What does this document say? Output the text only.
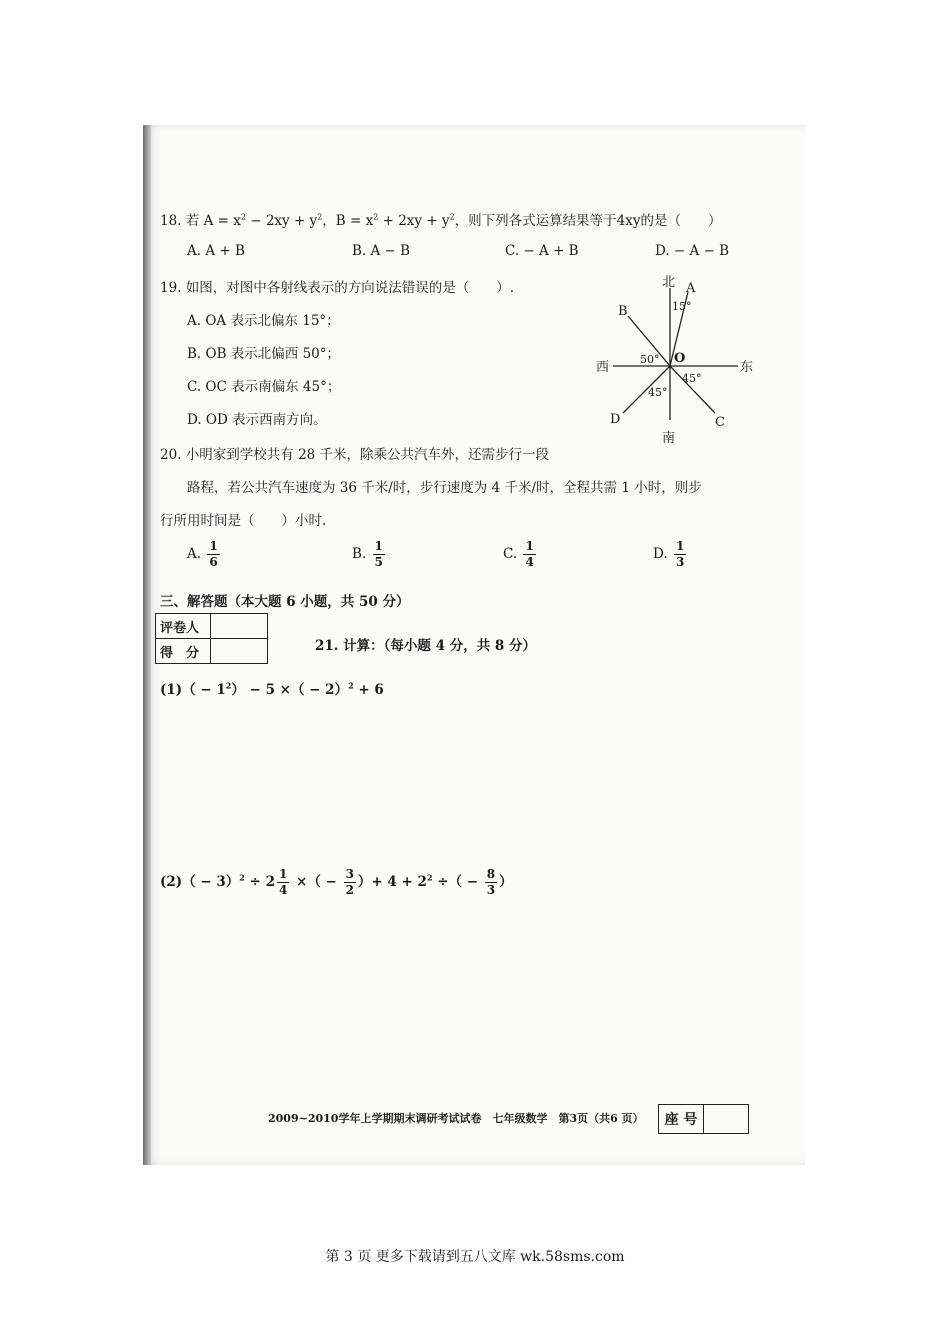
18. 若 $A = x^2 - 2xy + y^2$，$B = x^2 + 2xy + y^2$，则下列各式运算结果等于4xy的是（　　）
A. A + B	B. A − B	C. − A + B	D. − A − B
19. 如图，对图中各射线表示的方向说法错误的是（　　）.
A. OA 表示北偏东 15°；
B. OB 表示北偏西 50°；
C. OC 表示南偏东 45°；
D. OD 表示西南方向。
北
南
东
西
O
A
B
C
D
15°
50°
45°
45°
20. 小明家到学校共有 28 千米，除乘公共汽车外，还需步行一段
路程，若公共汽车速度为 36 千米/时，步行速度为 4 千米/时，全程共需 1 小时，则步
行所用时间是（　　）小时.
A. $\frac{1}{6}$	B. $\frac{1}{5}$	C. $\frac{1}{4}$	D. $\frac{1}{3}$
三、解答题（本大题 6 小题，共 50 分）
评卷人	
得　分		21. 计算：（每小题 4 分，共 8 分）
$(1)( - 1^2) - 5$ ×（ − 2）$^2$ + 6
$(2)( - 3)^2 \div 2 \frac{1}{4}$ ×（ − $\frac{3}{2}$ ）+ $4 + 2^2$ ÷（ − $\frac{8}{3}$ ）
2009~2010学年上学期期末调研考试试卷　七年级数学　第3页（共6 页） 座 号	
第 3 页 更多下载请到五八文库 wk.58sms.com
